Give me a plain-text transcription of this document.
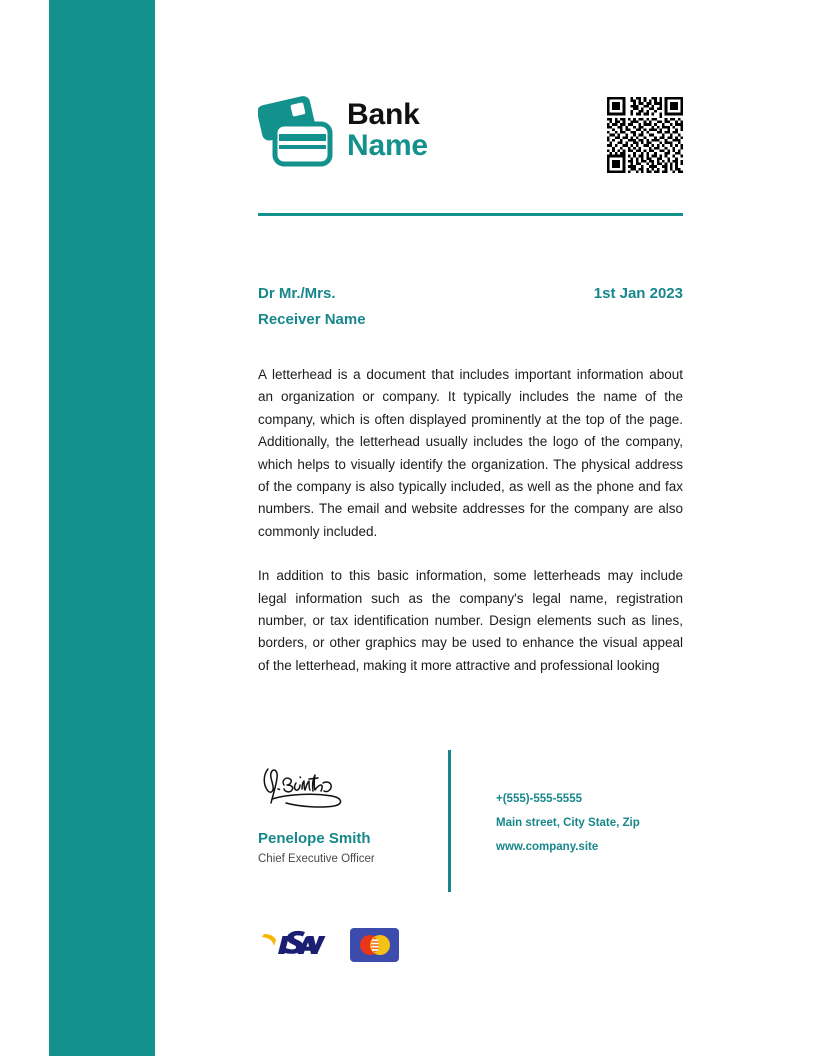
Bank
Name
Dr Mr./Mrs.
Receiver Name
1st Jan 2023

A letterhead is a document that includes important information about an organization or company. It typically includes the name of the company, which is often displayed prominently at the top of the page. Additionally, the letterhead usually includes the logo of the company, which helps to visually identify the organization. The physical address of the company is also typically included, as well as the phone and fax numbers. The email and website addresses for the company are also commonly included.

In addition to this basic information, some letterheads may include legal information such as the company's legal name, registration number, or tax identification number. Design elements such as lines, borders, or other graphics may be used to enhance the visual appeal of the letterhead, making it more attractive and professional looking

Penelope Smith
Chief Executive Officer
+(555)-555-5555
Main street, City State, Zip
www.company.site
